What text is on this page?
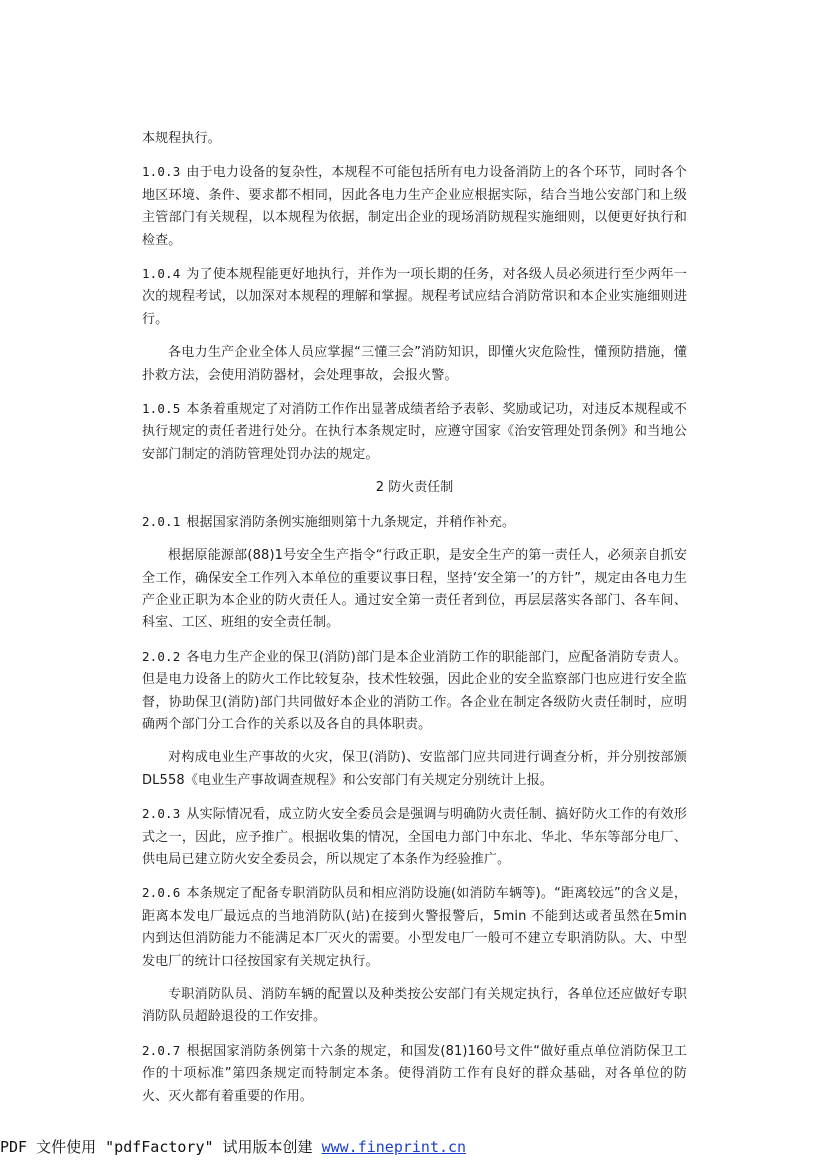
本规程执行。

1.0.3 由于电力设备的复杂性，本规程不可能包括所有电力设备消防上的各个环节，同时各个地区环境、条件、要求都不相同，因此各电力生产企业应根据实际，结合当地公安部门和上级主管部门有关规程，以本规程为依据，制定出企业的现场消防规程实施细则，以便更好执行和检查。

1.0.4 为了使本规程能更好地执行，并作为一项长期的任务，对各级人员必须进行至少两年一次的规程考试，以加深对本规程的理解和掌握。规程考试应结合消防常识和本企业实施细则进行。

各电力生产企业全体人员应掌握“三懂三会”消防知识，即懂火灾危险性，懂预防措施，懂扑救方法，会使用消防器材，会处理事故，会报火警。

1.0.5 本条着重规定了对消防工作作出显著成绩者给予表彰、奖励或记功，对违反本规程或不执行规定的责任者进行处分。在执行本条规定时，应遵守国家《治安管理处罚条例》和当地公安部门制定的消防管理处罚办法的规定。

2 防火责任制

2.0.1 根据国家消防条例实施细则第十九条规定，并稍作补充。

根据原能源部(88)1号安全生产指令“行政正职，是安全生产的第一责任人，必须亲自抓安全工作，确保安全工作列入本单位的重要议事日程，坚持‘安全第一’的方针”，规定由各电力生产企业正职为本企业的防火责任人。通过安全第一责任者到位，再层层落实各部门、各车间、科室、工区、班组的安全责任制。

2.0.2 各电力生产企业的保卫(消防)部门是本企业消防工作的职能部门，应配备消防专责人。但是电力设备上的防火工作比较复杂，技术性较强，因此企业的安全监察部门也应进行安全监督，协助保卫(消防)部门共同做好本企业的消防工作。各企业在制定各级防火责任制时，应明确两个部门分工合作的关系以及各自的具体职责。

对构成电业生产事故的火灾，保卫(消防)、安监部门应共同进行调查分析，并分别按部颁DL558《电业生产事故调查规程》和公安部门有关规定分别统计上报。

2.0.3 从实际情况看，成立防火安全委员会是强调与明确防火责任制、搞好防火工作的有效形式之一，因此，应予推广。根据收集的情况，全国电力部门中东北、华北、华东等部分电厂、供电局已建立防火安全委员会，所以规定了本条作为经验推广。

2.0.6 本条规定了配备专职消防队员和相应消防设施(如消防车辆等)。“距离较远”的含义是，距离本发电厂最远点的当地消防队(站)在接到火警报警后，5min 不能到达或者虽然在5min 内到达但消防能力不能满足本厂灭火的需要。小型发电厂一般可不建立专职消防队。大、中型发电厂的统计口径按国家有关规定执行。

专职消防队员、消防车辆的配置以及种类按公安部门有关规定执行，各单位还应做好专职消防队员超龄退役的工作安排。

2.0.7 根据国家消防条例第十六条的规定，和国发(81)160号文件“做好重点单位消防保卫工作的十项标准”第四条规定而特制定本条。使得消防工作有良好的群众基础，对各单位的防火、灭火都有着重要的作用。

PDF 文件使用 "pdfFactory" 试用版本创建 www.fineprint.cn
